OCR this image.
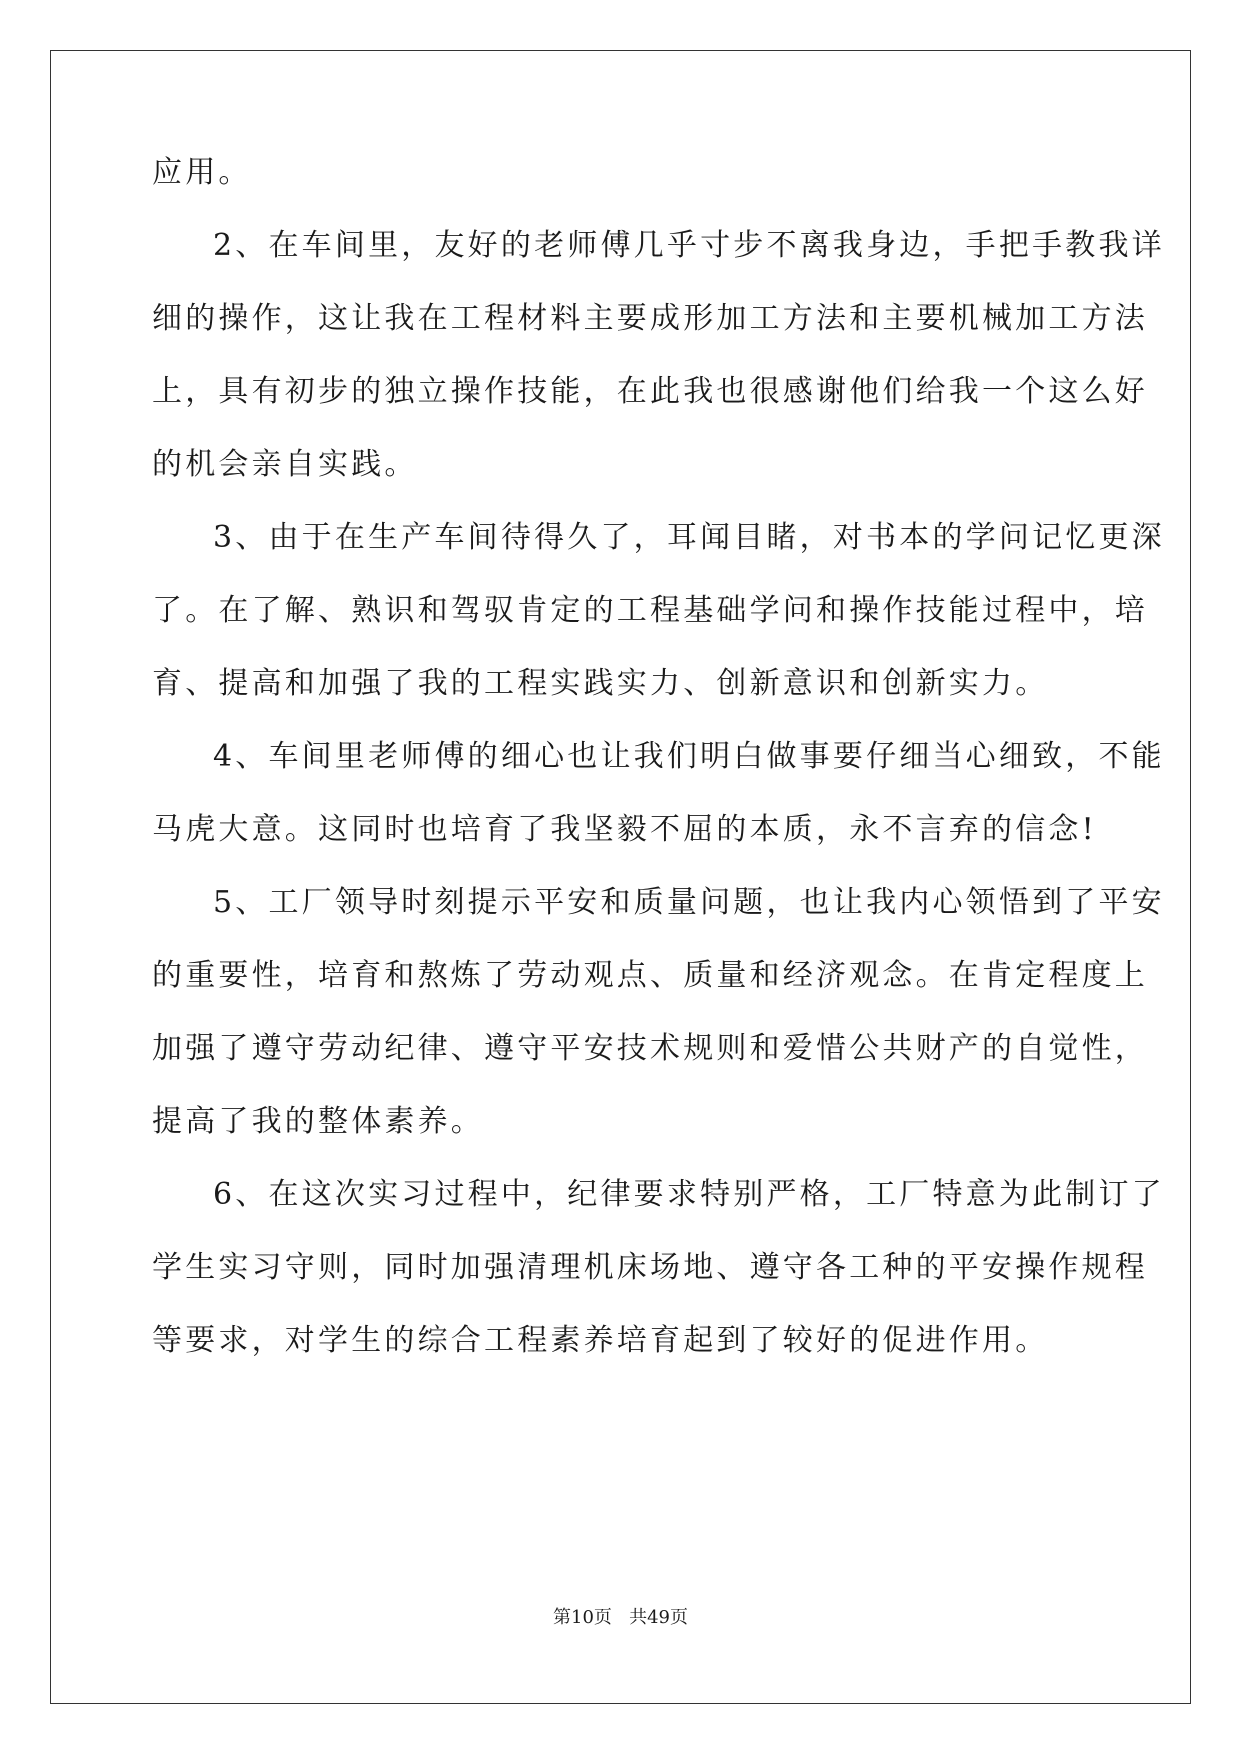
应用。
2、在车间里，友好的老师傅几乎寸步不离我身边，手把手教我详
细的操作，这让我在工程材料主要成形加工方法和主要机械加工方法
上，具有初步的独立操作技能，在此我也很感谢他们给我一个这么好
的机会亲自实践。
3、由于在生产车间待得久了，耳闻目睹，对书本的学问记忆更深
了。在了解、熟识和驾驭肯定的工程基础学问和操作技能过程中，培
育、提高和加强了我的工程实践实力、创新意识和创新实力。
4、车间里老师傅的细心也让我们明白做事要仔细当心细致，不能
马虎大意。这同时也培育了我坚毅不屈的本质，永不言弃的信念!
5、工厂领导时刻提示平安和质量问题，也让我内心领悟到了平安
的重要性，培育和熬炼了劳动观点、质量和经济观念。在肯定程度上
加强了遵守劳动纪律、遵守平安技术规则和爱惜公共财产的自觉性，
提高了我的整体素养。
6、在这次实习过程中，纪律要求特别严格，工厂特意为此制订了
学生实习守则，同时加强清理机床场地、遵守各工种的平安操作规程
等要求，对学生的综合工程素养培育起到了较好的促进作用。
第10页 共49页
